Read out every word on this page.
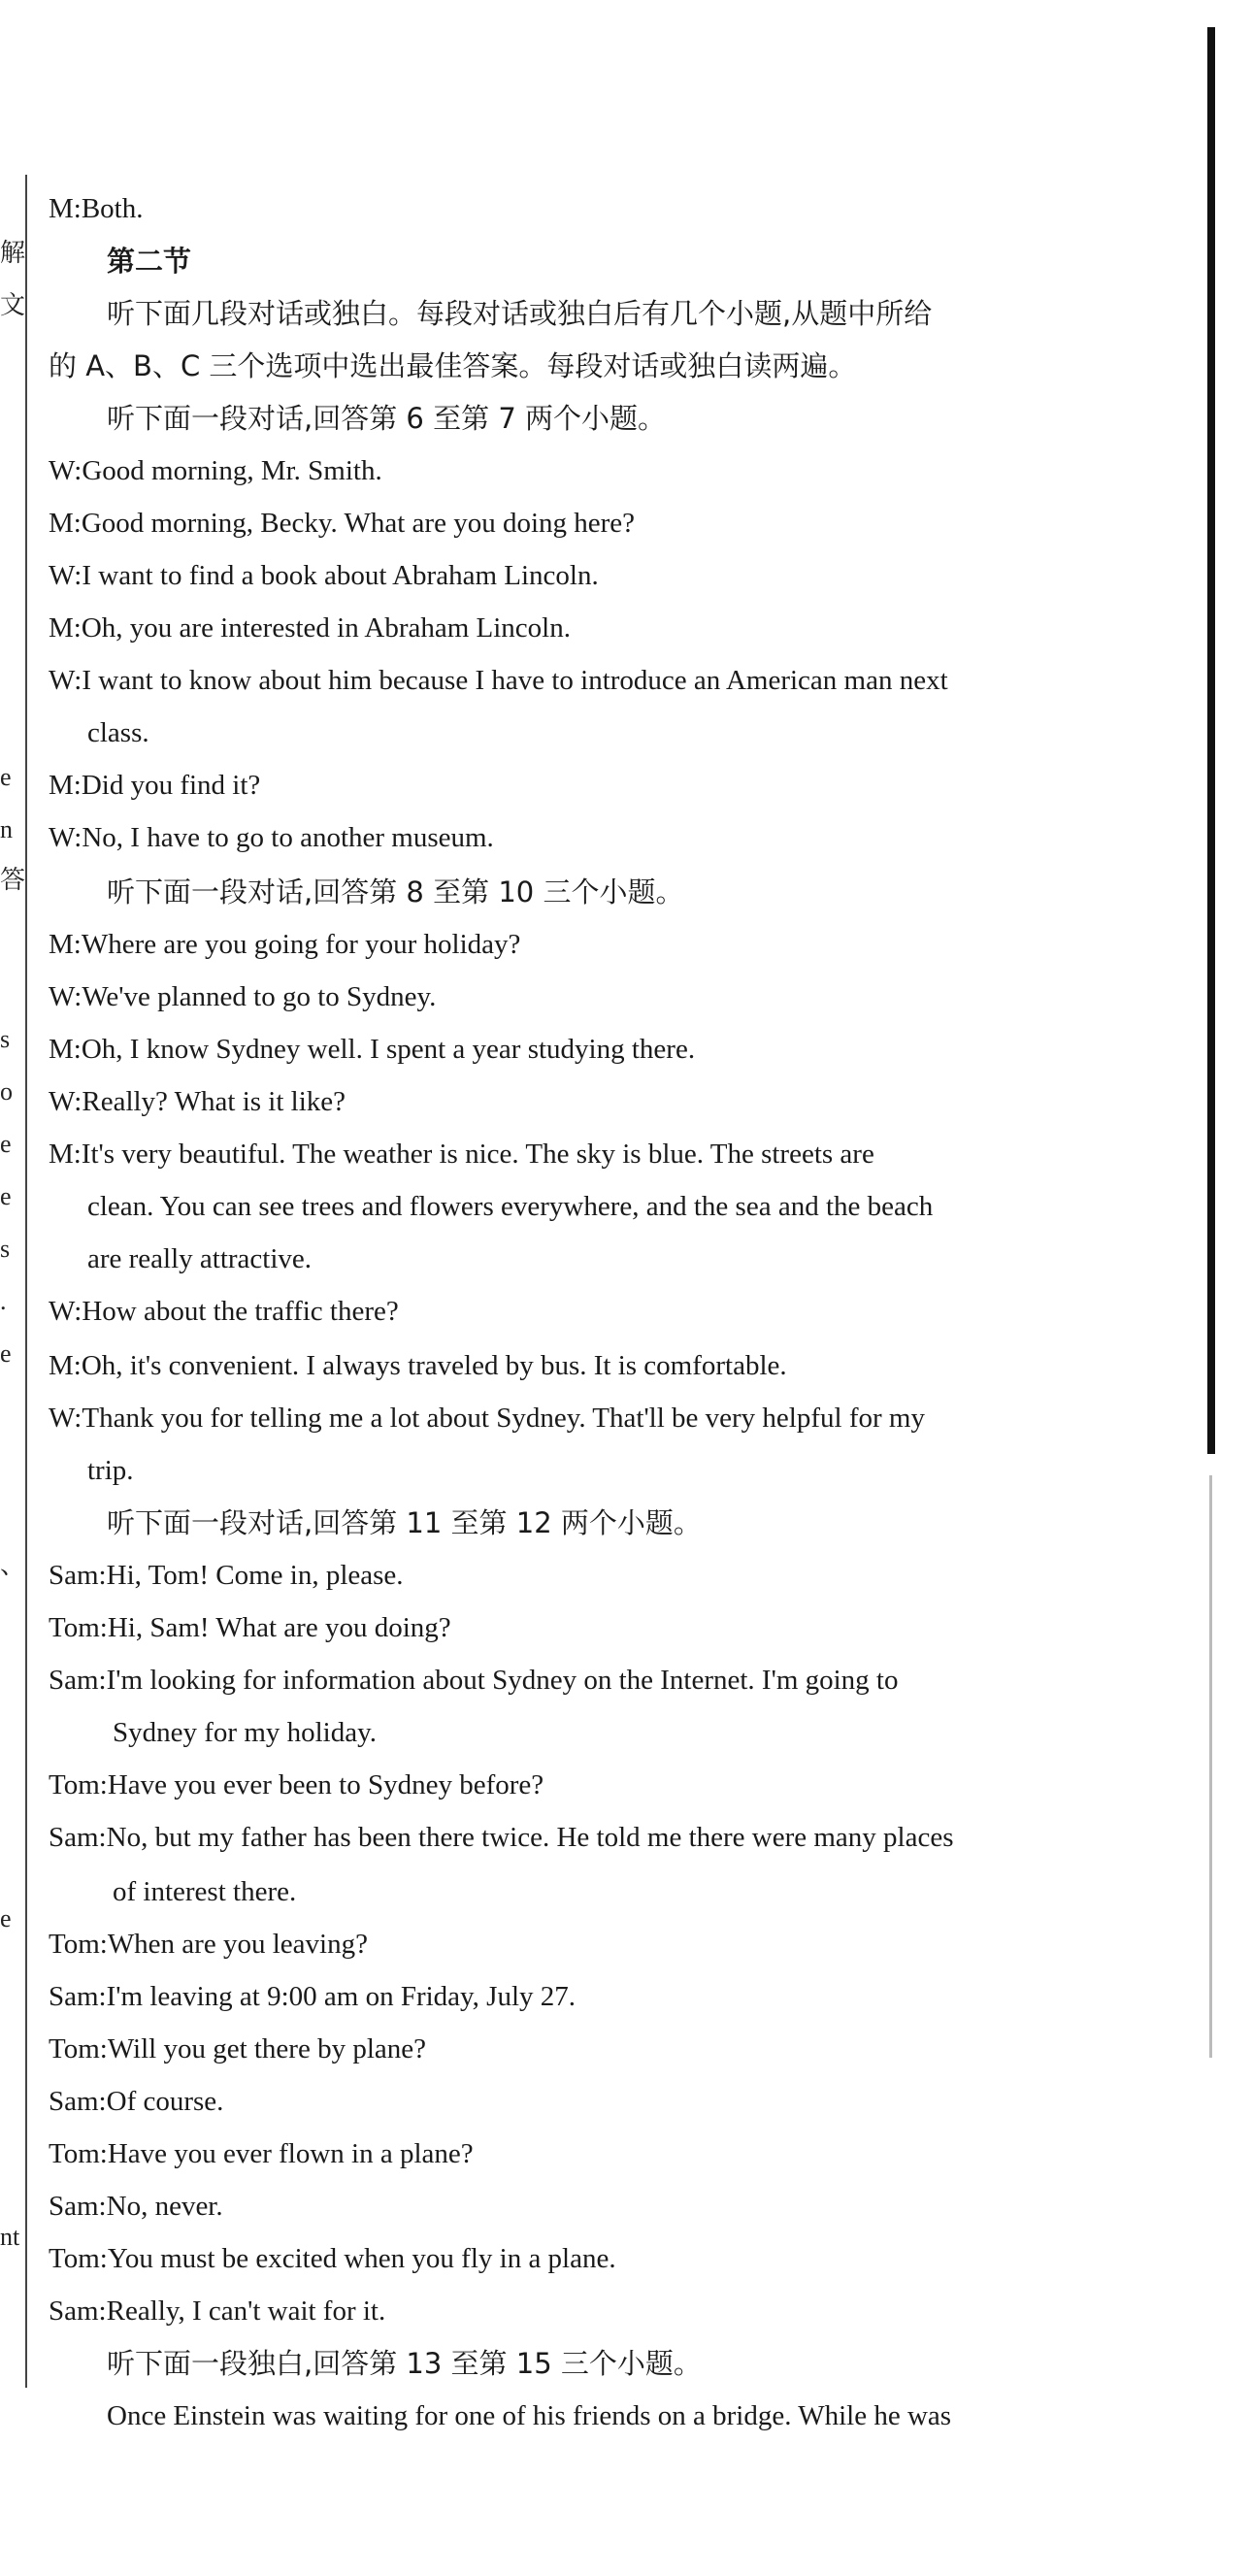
解
文
e
n
答
s
o
e
e
s
.
e
、
e
nt
M:Both.
第二节
听下面几段对话或独白。每段对话或独白后有几个小题,从题中所给
的 A、B、C 三个选项中选出最佳答案。每段对话或独白读两遍。
听下面一段对话,回答第 6 至第 7 两个小题。
W:Good morning, Mr. Smith.
M:Good morning, Becky. What are you doing here?
W:I want to find a book about Abraham Lincoln.
M:Oh, you are interested in Abraham Lincoln.
W:I want to know about him because I have to introduce an American man next
class.
M:Did you find it?
W:No, I have to go to another museum.
听下面一段对话,回答第 8 至第 10 三个小题。
M:Where are you going for your holiday?
W:We've planned to go to Sydney.
M:Oh, I know Sydney well. I spent a year studying there.
W:Really? What is it like?
M:It's very beautiful. The weather is nice. The sky is blue. The streets are
clean. You can see trees and flowers everywhere, and the sea and the beach
are really attractive.
W:How about the traffic there?
M:Oh, it's convenient. I always traveled by bus. It is comfortable.
W:Thank you for telling me a lot about Sydney. That'll be very helpful for my
trip.
听下面一段对话,回答第 11 至第 12 两个小题。
Sam:Hi, Tom! Come in, please.
Tom:Hi, Sam! What are you doing?
Sam:I'm looking for information about Sydney on the Internet. I'm going to
Sydney for my holiday.
Tom:Have you ever been to Sydney before?
Sam:No, but my father has been there twice. He told me there were many places
of interest there.
Tom:When are you leaving?
Sam:I'm leaving at 9:00 am on Friday, July 27.
Tom:Will you get there by plane?
Sam:Of course.
Tom:Have you ever flown in a plane?
Sam:No, never.
Tom:You must be excited when you fly in a plane.
Sam:Really, I can't wait for it.
听下面一段独白,回答第 13 至第 15 三个小题。
Once Einstein was waiting for one of his friends on a bridge. While he was
